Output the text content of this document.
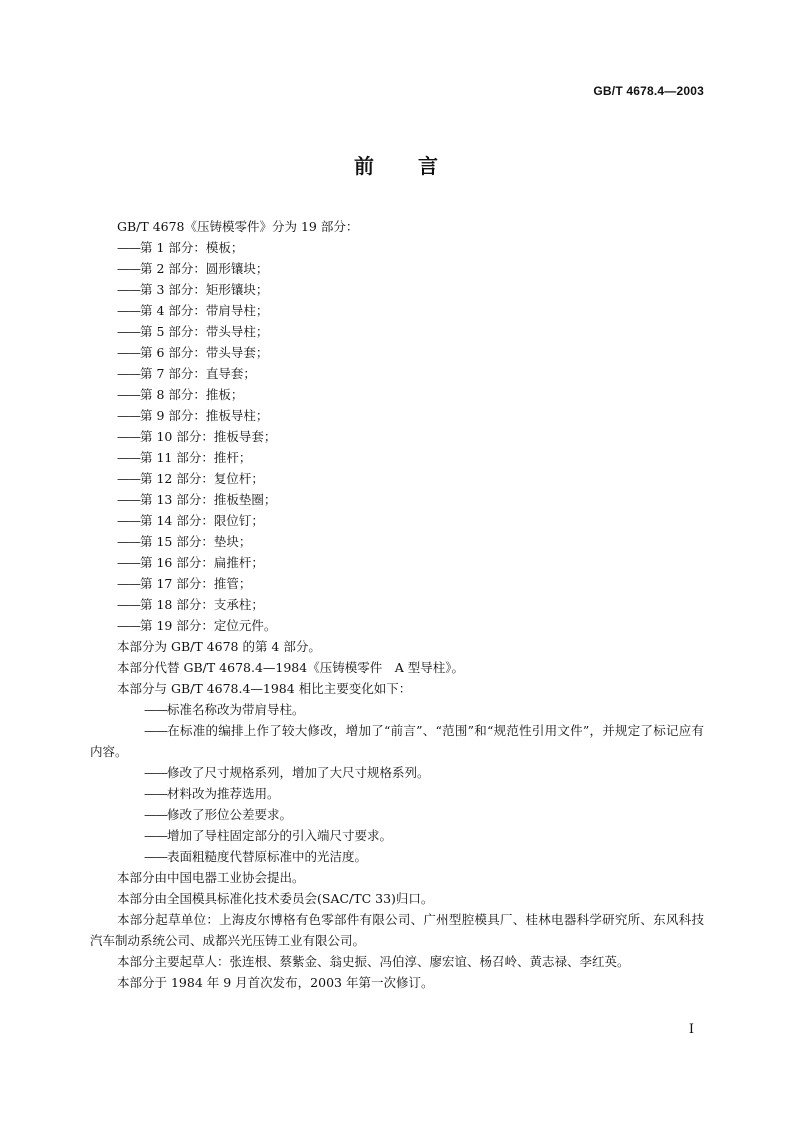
GB/T 4678.4—2003
前 言

GB/T 4678《压铸模零件》分为 19 部分：

——第 1 部分：模板；

——第 2 部分：圆形镶块；

——第 3 部分：矩形镶块；

——第 4 部分：带肩导柱；

——第 5 部分：带头导柱；

——第 6 部分：带头导套；

——第 7 部分：直导套；

——第 8 部分：推板；

——第 9 部分：推板导柱；

——第 10 部分：推板导套；

——第 11 部分：推杆；

——第 12 部分：复位杆；

——第 13 部分：推板垫圈；

——第 14 部分：限位钉；

——第 15 部分：垫块；

——第 16 部分：扁推杆；

——第 17 部分：推管；

——第 18 部分：支承柱；

——第 19 部分：定位元件。

本部分为 GB/T 4678 的第 4 部分。

本部分代替 GB/T 4678.4—1984《压铸模零件　A 型导柱》。

本部分与 GB/T 4678.4—1984 相比主要变化如下：

——标准名称改为带肩导柱。

——在标准的编排上作了较大修改，增加了“前言”、“范围”和“规范性引用文件”，并规定了标记应有内容。

——修改了尺寸规格系列，增加了大尺寸规格系列。

——材料改为推荐选用。

——修改了形位公差要求。

——增加了导柱固定部分的引入端尺寸要求。

——表面粗糙度代替原标准中的光洁度。

本部分由中国电器工业协会提出。

本部分由全国模具标准化技术委员会(SAC/TC 33)归口。

本部分起草单位：上海皮尔博格有色零部件有限公司、广州型腔模具厂、桂林电器科学研究所、东风科技汽车制动系统公司、成都兴光压铸工业有限公司。

本部分主要起草人：张连根、蔡紫金、翁史振、冯伯淳、廖宏谊、杨召岭、黄志禄、李红英。

本部分于 1984 年 9 月首次发布，2003 年第一次修订。

I
